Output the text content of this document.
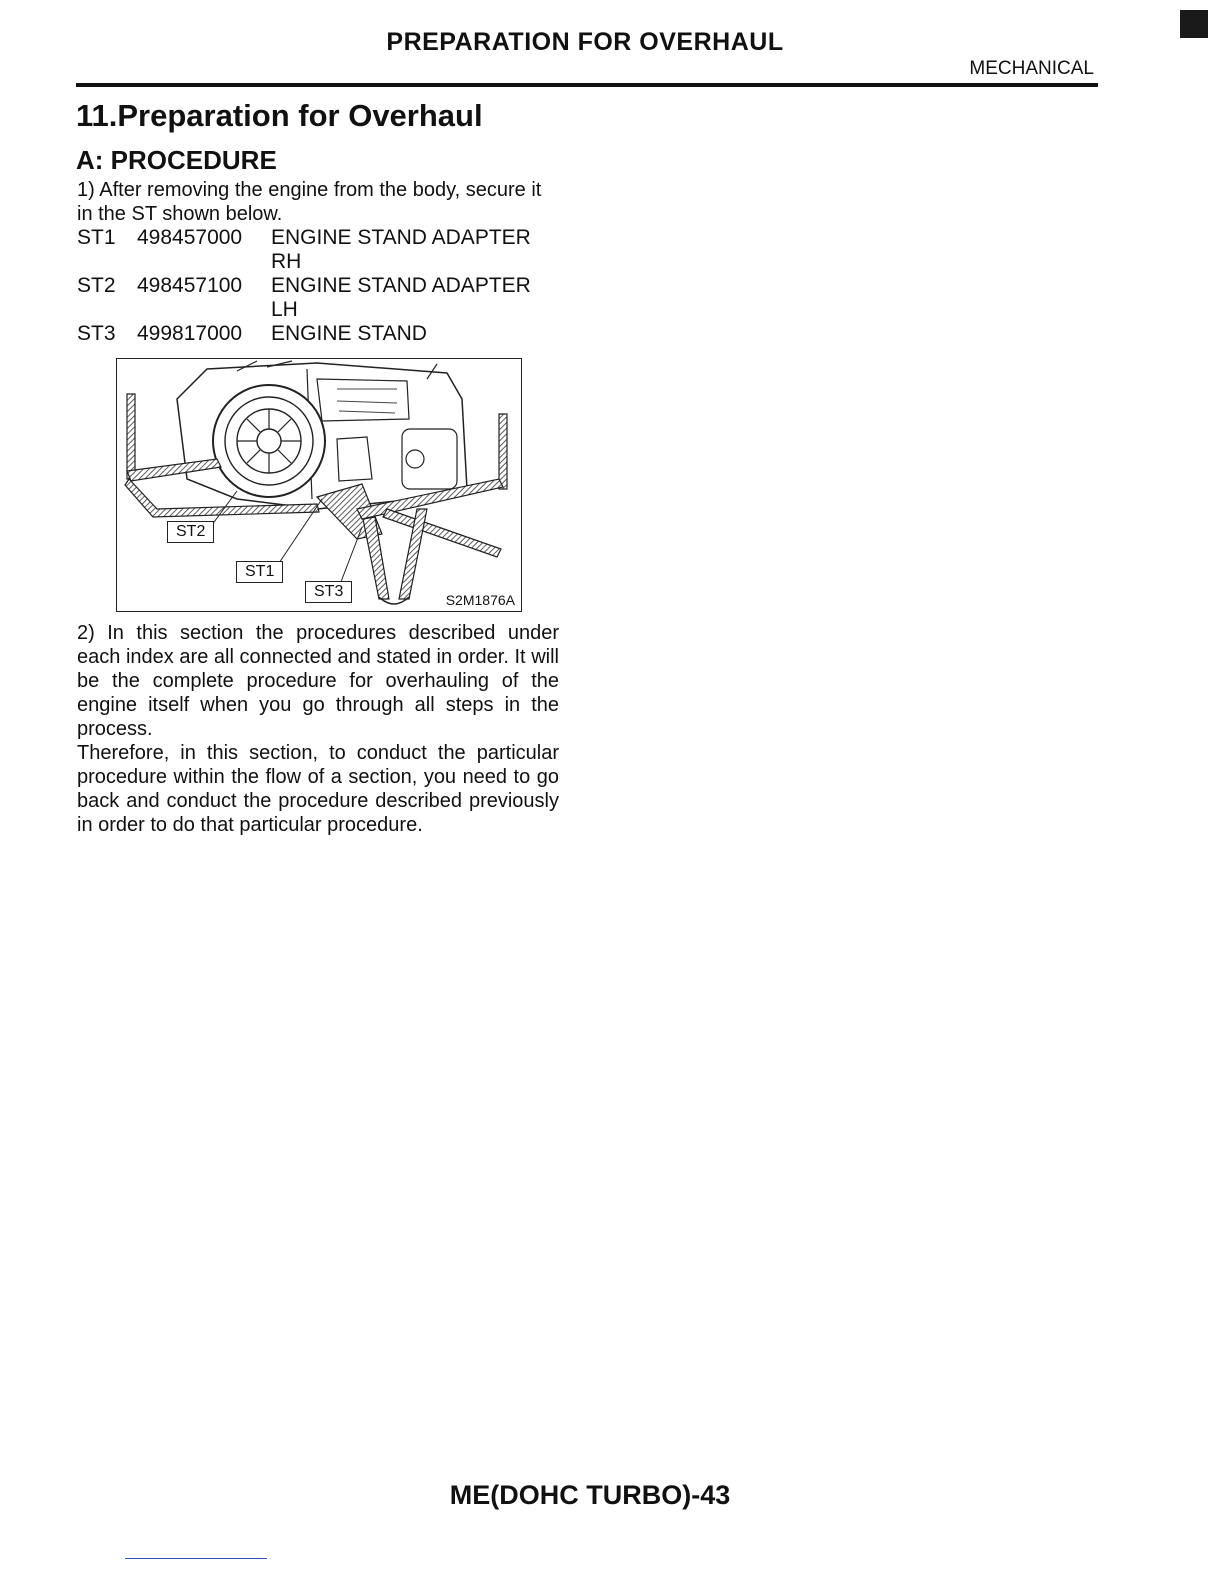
PREPARATION FOR OVERHAUL
MECHANICAL
11.Preparation for Overhaul
A: PROCEDURE
1) After removing the engine from the body, secure it in the ST shown below.
ST1	498457000	ENGINE STAND ADAPTER RH
ST2	498457100	ENGINE STAND ADAPTER LH
ST3	499817000	ENGINE STAND
ST2
ST1
ST3	S2M1876A

2) In this section the procedures described under each index are all connected and stated in order. It will be the complete procedure for overhauling of the engine itself when you go through all steps in the process.

Therefore, in this section, to conduct the particular procedure within the flow of a section, you need to go back and conduct the procedure described previously in order to do that particular procedure.

ME(DOHC TURBO)-43
